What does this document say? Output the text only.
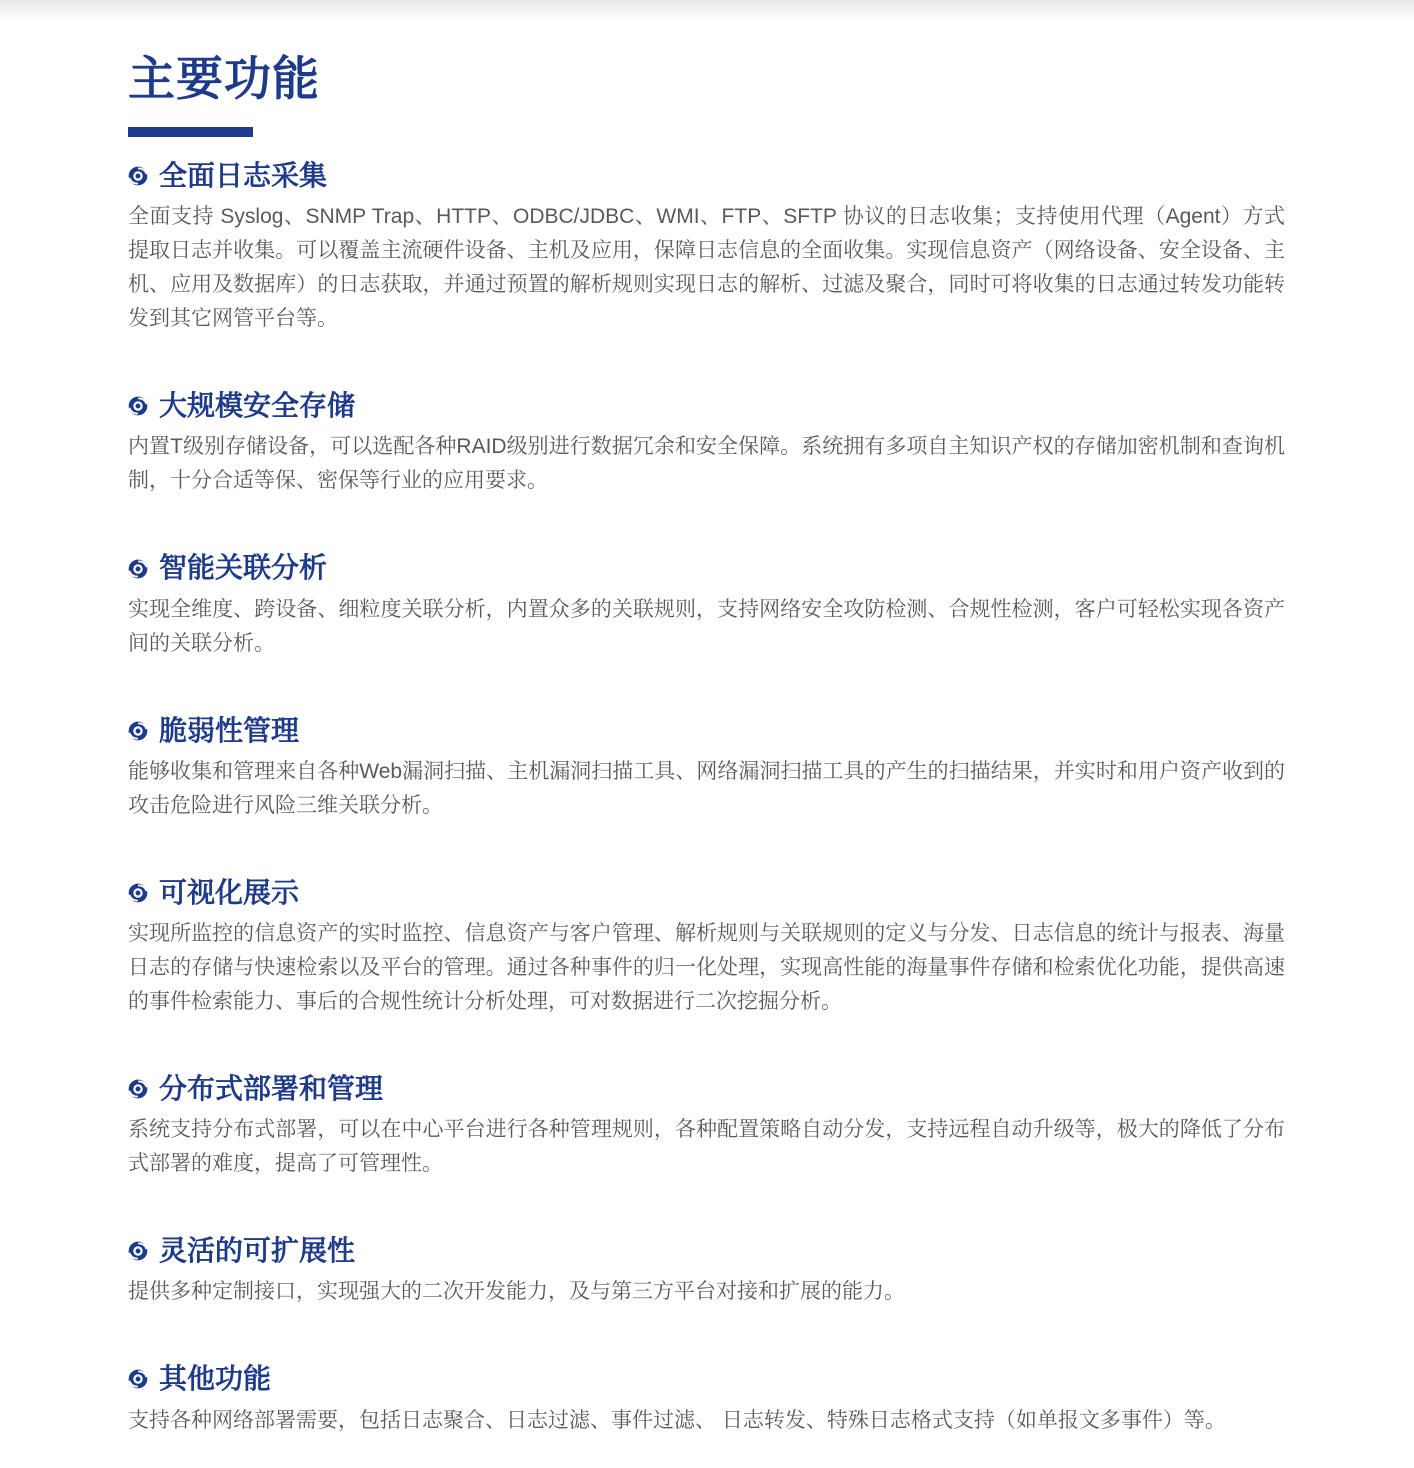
主要功能
全面日志采集

全面支持 Syslog、SNMP Trap、HTTP、ODBC/JDBC、WMI、FTP、SFTP 协议的日志收集；支持使用代理（Agent）方式提取日志并收集。可以覆盖主流硬件设备、主机及应用，保障日志信息的全面收集。实现信息资产（网络设备、安全设备、主机、应用及数据库）的日志获取，并通过预置的解析规则实现日志的解析、过滤及聚合，同时可将收集的日志通过转发功能转发到其它网管平台等。

大规模安全存储

内置T级别存储设备，可以选配各种RAID级别进行数据冗余和安全保障。系统拥有多项自主知识产权的存储加密机制和查询机制，十分合适等保、密保等行业的应用要求。

智能关联分析

实现全维度、跨设备、细粒度关联分析，内置众多的关联规则，支持网络安全攻防检测、合规性检测，客户可轻松实现各资产间的关联分析。

脆弱性管理

能够收集和管理来自各种Web漏洞扫描、主机漏洞扫描工具、网络漏洞扫描工具的产生的扫描结果，并实时和用户资产收到的攻击危险进行风险三维关联分析。

可视化展示

实现所监控的信息资产的实时监控、信息资产与客户管理、解析规则与关联规则的定义与分发、日志信息的统计与报表、海量日志的存储与快速检索以及平台的管理。通过各种事件的归一化处理，实现高性能的海量事件存储和检索优化功能，提供高速的事件检索能力、事后的合规性统计分析处理，可对数据进行二次挖掘分析。

分布式部署和管理

系统支持分布式部署，可以在中心平台进行各种管理规则，各种配置策略自动分发，支持远程自动升级等，极大的降低了分布式部署的难度，提高了可管理性。

灵活的可扩展性

提供多种定制接口，实现强大的二次开发能力，及与第三方平台对接和扩展的能力。

其他功能

支持各种网络部署需要，包括日志聚合、日志过滤、事件过滤、 日志转发、特殊日志格式支持（如单报文多事件）等。
